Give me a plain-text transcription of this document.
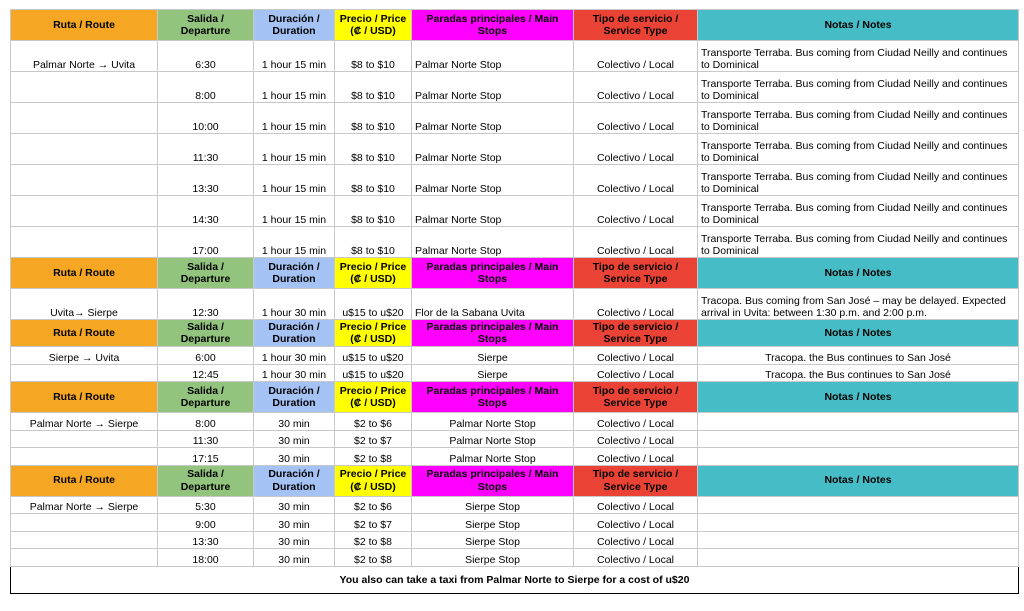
Ruta / Route	Salida / Departure	Duración / Duration	Precio / Price (₡ / USD)	Paradas principales / Main Stops	Tipo de servicio / Service Type	Notas / Notes
Palmar Norte → Uvita	6:30	1 hour 15 min	$8 to $10	Palmar Norte Stop	Colectivo / Local	Transporte Terraba. Bus coming from Ciudad Neilly and continues to Dominical
	8:00	1 hour 15 min	$8 to $10	Palmar Norte Stop	Colectivo / Local	Transporte Terraba. Bus coming from Ciudad Neilly and continues to Dominical
	10:00	1 hour 15 min	$8 to $10	Palmar Norte Stop	Colectivo / Local	Transporte Terraba. Bus coming from Ciudad Neilly and continues to Dominical
	11:30	1 hour 15 min	$8 to $10	Palmar Norte Stop	Colectivo / Local	Transporte Terraba. Bus coming from Ciudad Neilly and continues to Dominical
	13:30	1 hour 15 min	$8 to $10	Palmar Norte Stop	Colectivo / Local	Transporte Terraba. Bus coming from Ciudad Neilly and continues to Dominical
	14:30	1 hour 15 min	$8 to $10	Palmar Norte Stop	Colectivo / Local	Transporte Terraba. Bus coming from Ciudad Neilly and continues to Dominical
	17:00	1 hour 15 min	$8 to $10	Palmar Norte Stop	Colectivo / Local	Transporte Terraba. Bus coming from Ciudad Neilly and continues to Dominical
Ruta / Route	Salida / Departure	Duración / Duration	Precio / Price (₡ / USD)	Paradas principales / Main Stops	Tipo de servicio / Service Type	Notas / Notes
Uvita→ Sierpe	12:30	1 hour 30 min	u$15 to u$20	Flor de la Sabana Uvita	Colectivo / Local	Tracopa. Bus coming from San José – may be delayed. Expected arrival in Uvita: between 1:30 p.m. and 2:00 p.m.
Ruta / Route	Salida / Departure	Duración / Duration	Precio / Price (₡ / USD)	Paradas principales / Main Stops	Tipo de servicio / Service Type	Notas / Notes
Sierpe → Uvita	6:00	1 hour 30 min	u$15 to u$20	Sierpe	Colectivo / Local	Tracopa. the Bus continues to San José
	12:45	1 hour 30 min	u$15 to u$20	Sierpe	Colectivo / Local	Tracopa. the Bus continues to San José
Ruta / Route	Salida / Departure	Duración / Duration	Precio / Price (₡ / USD)	Paradas principales / Main Stops	Tipo de servicio / Service Type	Notas / Notes
Palmar Norte → Sierpe	8:00	30 min	$2 to $6	Palmar Norte Stop	Colectivo / Local	
	11:30	30 min	$2 to $7	Palmar Norte Stop	Colectivo / Local	
	17:15	30 min	$2 to $8	Palmar Norte Stop	Colectivo / Local	
Ruta / Route	Salida / Departure	Duración / Duration	Precio / Price (₡ / USD)	Paradas principales / Main Stops	Tipo de servicio / Service Type	Notas / Notes
Palmar Norte → Sierpe	5:30	30 min	$2 to $6	Sierpe Stop	Colectivo / Local	
	9:00	30 min	$2 to $7	Sierpe Stop	Colectivo / Local	
	13:30	30 min	$2 to $8	Sierpe Stop	Colectivo / Local	
	18:00	30 min	$2 to $8	Sierpe Stop	Colectivo / Local	
You also can take a taxi from Palmar Norte to Sierpe for a cost of u$20						
